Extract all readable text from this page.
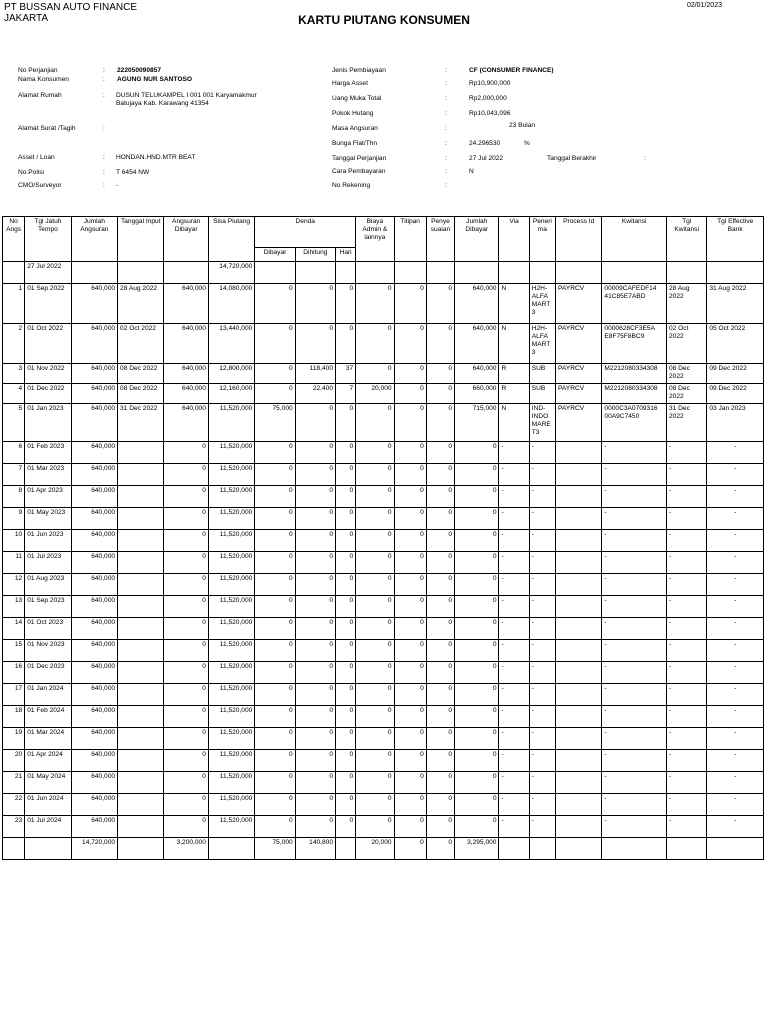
PT BUSSAN AUTO FINANCE
JAKARTA
02/01/2023
KARTU PIUTANG KONSUMEN
No Perjanjian	: 222050090857
Nama Konsumen	: AGUNG NUR SANTOSO
Alamat Rumah	: DUSUN TELUKAMPEL I 001 001 Karyamakmur Batujaya Kab. Karawang 41354
Alamat Surat /Tagih	:
Asset / Loan	: HONDAN.HND.MTR BEAT
No.Polisi	: T 6454 NW
CMO/Surveyor	: -
Jenis Pembiayaan	:	CF (CONSUMER FINANCE)
Harga Asset	:	Rp10,900,000
Uang Muka Total	:	Rp2,000,000
Pokok Hutang	:	Rp10,043,096
Masa Angsuran	:	23 Bulan
Bunga Flat/Thn	:	24.296530	%
Tanggal Perjanjian	:	27 Jul 2022	Tanggal Berakhir	:
Cara Pembayaran	:	N
No Rekening	:
No Angs	Tgl Jatuh Tempo	Jumlah Angsuran	Tanggal Input	Angsuran Dibayar	Sisa Piutang	Denda			Biaya Admin & lainnya	Titipan	Penye suaian	Jumlah Dibayar	Via	Peneri ma	Process Id	Kwitansi	Tgl Kwitansi	Tgl Effective Bank
						Dibayar	Dihitung	Hari										
	27 Jul 2022				14,720,000													
1	01 Sep 2022	640,000	28 Aug 2022	640,000	14,080,000	0	0	0	0	0	0	640,000	N	H2H-ALFA MART 3	PAYRCV	00009CAFEDF14 41C85E7ABD	28 Aug 2022	31 Aug 2022
2	01 Oct 2022	640,000	02 Oct 2022	640,000	13,440,000	0	0	0	0	0	0	640,000	N	H2H-ALFA MART 3	PAYRCV	0000628CF3E5A E8F75F8BC9	02 Oct 2022	05 Oct 2022
3	01 Nov 2022	640,000	08 Dec 2022	640,000	12,800,000	0	118,400	37	0	0	0	640,000	R	SUB	PAYRCV	M2212080334308	08 Dec 2022	09 Dec 2022
4	01 Dec 2022	640,000	08 Dec 2022	640,000	12,160,000	0	22,400	7	20,000	0	0	660,000	R	SUB	PAYRCV	M2212080334308	08 Dec 2022	09 Dec 2022
5	01 Jan 2023	640,000	31 Dec 2022	640,000	11,520,000	75,000	0	0	0	0	0	715,000	N	IND-INDO MARE T3	PAYRCV	0000C3A0709316 00A9C7450	31 Dec 2022	03 Jan 2023
6	01 Feb 2023	640,000		0	11,520,000	0	0	0	0	0	0	0	-	-		-	-	-
7	01 Mar 2023	640,000		0	11,520,000	0	0	0	0	0	0	0	-	-		-	-	-
8	01 Apr 2023	640,000		0	11,520,000	0	0	0	0	0	0	0	-	-		-	-	-
9	01 May 2023	640,000		0	11,520,000	0	0	0	0	0	0	0	-	-		-	-	-
10	01 Jun 2023	640,000		0	11,520,000	0	0	0	0	0	0	0	-	-		-	-	-
11	01 Jul 2023	640,000		0	11,520,000	0	0	0	0	0	0	0	-	-		-	-	-
12	01 Aug 2023	640,000		0	11,520,000	0	0	0	0	0	0	0	-	-		-	-	-
13	01 Sep 2023	640,000		0	11,520,000	0	0	0	0	0	0	0	-	-		-	-	-
14	01 Oct 2023	640,000		0	11,520,000	0	0	0	0	0	0	0	-	-		-	-	-
15	01 Nov 2023	640,000		0	11,520,000	0	0	0	0	0	0	0	-	-		-	-	-
16	01 Dec 2023	640,000		0	11,520,000	0	0	0	0	0	0	0	-	-		-	-	-
17	01 Jan 2024	640,000		0	11,520,000	0	0	0	0	0	0	0	-	-		-	-	-
18	01 Feb 2024	640,000		0	11,520,000	0	0	0	0	0	0	0	-	-		-	-	-
19	01 Mar 2024	640,000		0	11,520,000	0	0	0	0	0	0	0	-	-		-	-	-
20	01 Apr 2024	640,000		0	11,520,000	0	0	0	0	0	0	0	-	-		-	-	-
21	01 May 2024	640,000		0	11,520,000	0	0	0	0	0	0	0	-	-		-	-	-
22	01 Jun 2024	640,000		0	11,520,000	0	0	0	0	0	0	0	-	-		-	-	-
23	01 Jul 2024	640,000		0	11,520,000	0	0	0	0	0	0	0	-	-		-	-	-
		14,720,000		3,200,000		75,000	140,800		20,000	0	0	3,295,000						
